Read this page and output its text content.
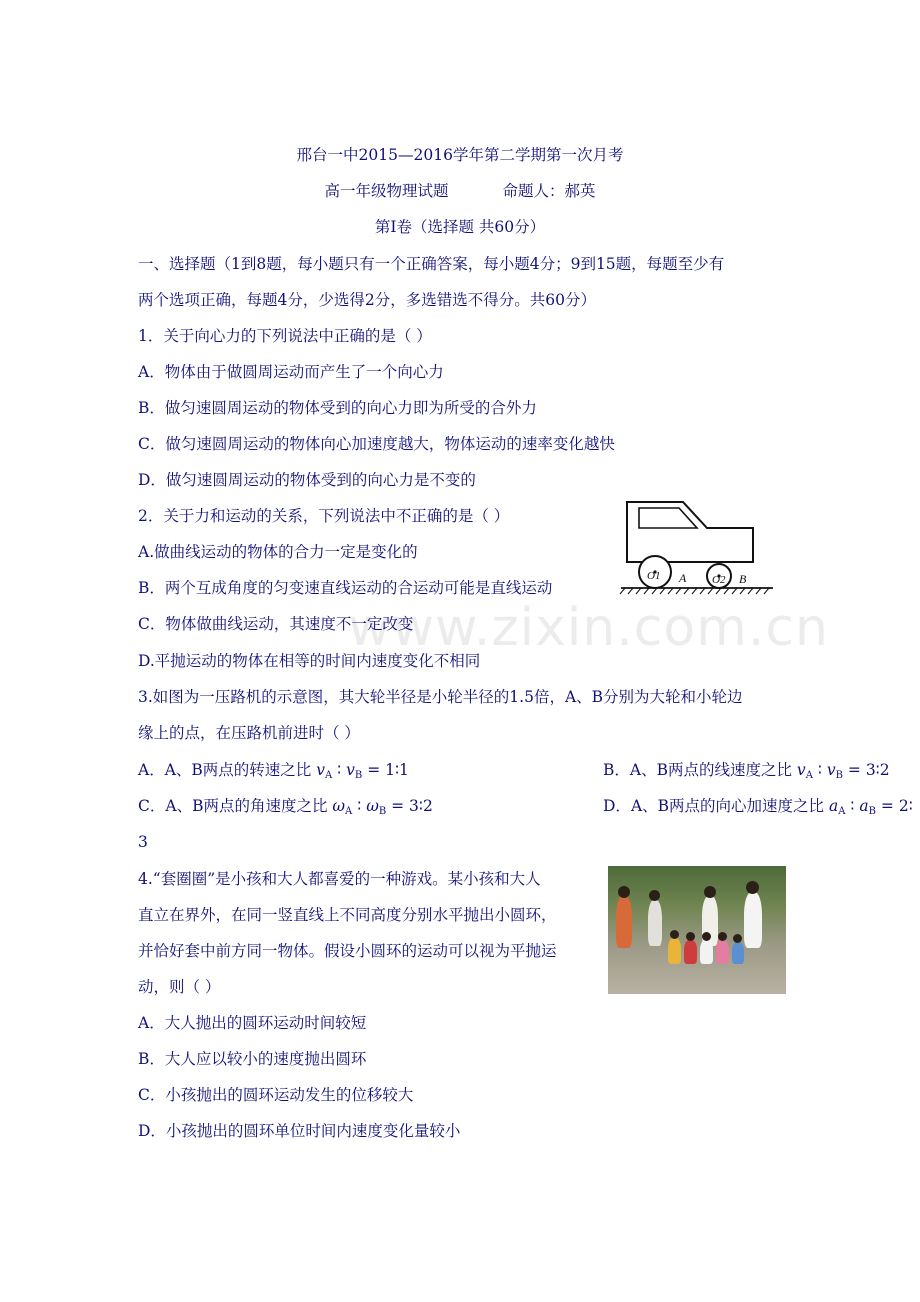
www.zixin.com.cn
邢台一中2015—2016学年第二学期第一次月考
高一年级物理试题	命题人：郝英
第I卷（选择题 共60分）
一、选择题（1到8题，每小题只有一个正确答案，每小题4分；9到15题，每题至少有
两个选项正确，每题4分，少选得2分，多选错选不得分。共60分）
1．关于向心力的下列说法中正确的是（ ）
A．物体由于做圆周运动而产生了一个向心力
B．做匀速圆周运动的物体受到的向心力即为所受的合外力
C．做匀速圆周运动的物体向心加速度越大，物体运动的速率变化越快
D．做匀速圆周运动的物体受到的向心力是不变的
2．关于力和运动的关系，下列说法中不正确的是（ ）
A.做曲线运动的物体的合力一定是变化的
B．两个互成角度的匀变速直线运动的合运动可能是直线运动
C．物体做曲线运动，其速度不一定改变
D.平抛运动的物体在相等的时间内速度变化不相同
O1 A O2 B
3.如图为一压路机的示意图，其大轮半径是小轮半径的1.5倍，A、B分别为大轮和小轮边
缘上的点，在压路机前进时（ ）
A．A、B两点的转速之比 $v_A$ ∶ $v_B$ = 1∶1	B．A、B两点的线速度之比 $v_A$ ∶ $v_B$ = 3∶2
C．A、B两点的角速度之比 $\omega_A$ ∶ $\omega_B$ = 3∶2	D．A、B两点的向心加速度之比 $a_A$ ∶ $a_B$ = 2∶
3
4.“套圈圈”是小孩和大人都喜爱的一种游戏。某小孩和大人
直立在界外，在同一竖直线上不同高度分别水平抛出小圆环，
并恰好套中前方同一物体。假设小圆环的运动可以视为平抛运
动，则（ ）
A．大人抛出的圆环运动时间较短
B．大人应以较小的速度抛出圆环
C．小孩抛出的圆环运动发生的位移较大
D．小孩抛出的圆环单位时间内速度变化量较小
